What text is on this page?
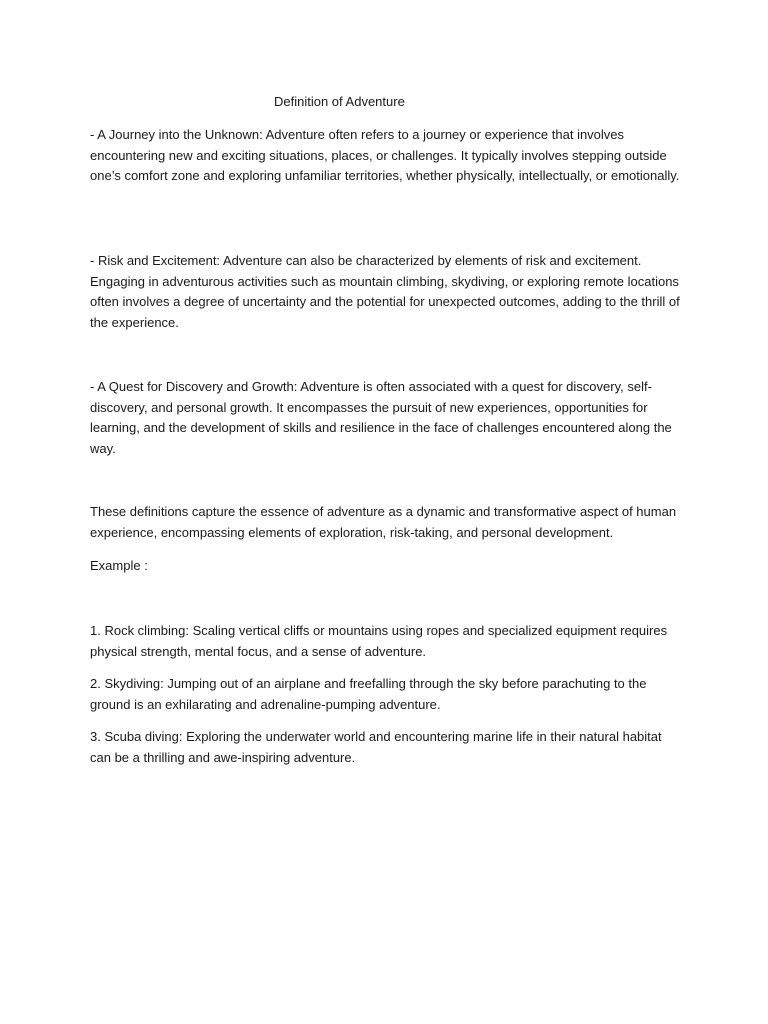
Definition of Adventure

- A Journey into the Unknown: Adventure often refers to a journey or experience that involves encountering new and exciting situations, places, or challenges. It typically involves stepping outside one’s comfort zone and exploring unfamiliar territories, whether physically, intellectually, or emotionally.

- Risk and Excitement: Adventure can also be characterized by elements of risk and excitement. Engaging in adventurous activities such as mountain climbing, skydiving, or exploring remote locations often involves a degree of uncertainty and the potential for unexpected outcomes, adding to the thrill of the experience.

- A Quest for Discovery and Growth: Adventure is often associated with a quest for discovery, self-discovery, and personal growth. It encompasses the pursuit of new experiences, opportunities for learning, and the development of skills and resilience in the face of challenges encountered along the way.

These definitions capture the essence of adventure as a dynamic and transformative aspect of human experience, encompassing elements of exploration, risk-taking, and personal development.

Example :

1. Rock climbing: Scaling vertical cliffs or mountains using ropes and specialized equipment requires physical strength, mental focus, and a sense of adventure.

2. Skydiving: Jumping out of an airplane and freefalling through the sky before parachuting to the ground is an exhilarating and adrenaline-pumping adventure.

3. Scuba diving: Exploring the underwater world and encountering marine life in their natural habitat can be a thrilling and awe-inspiring adventure.
